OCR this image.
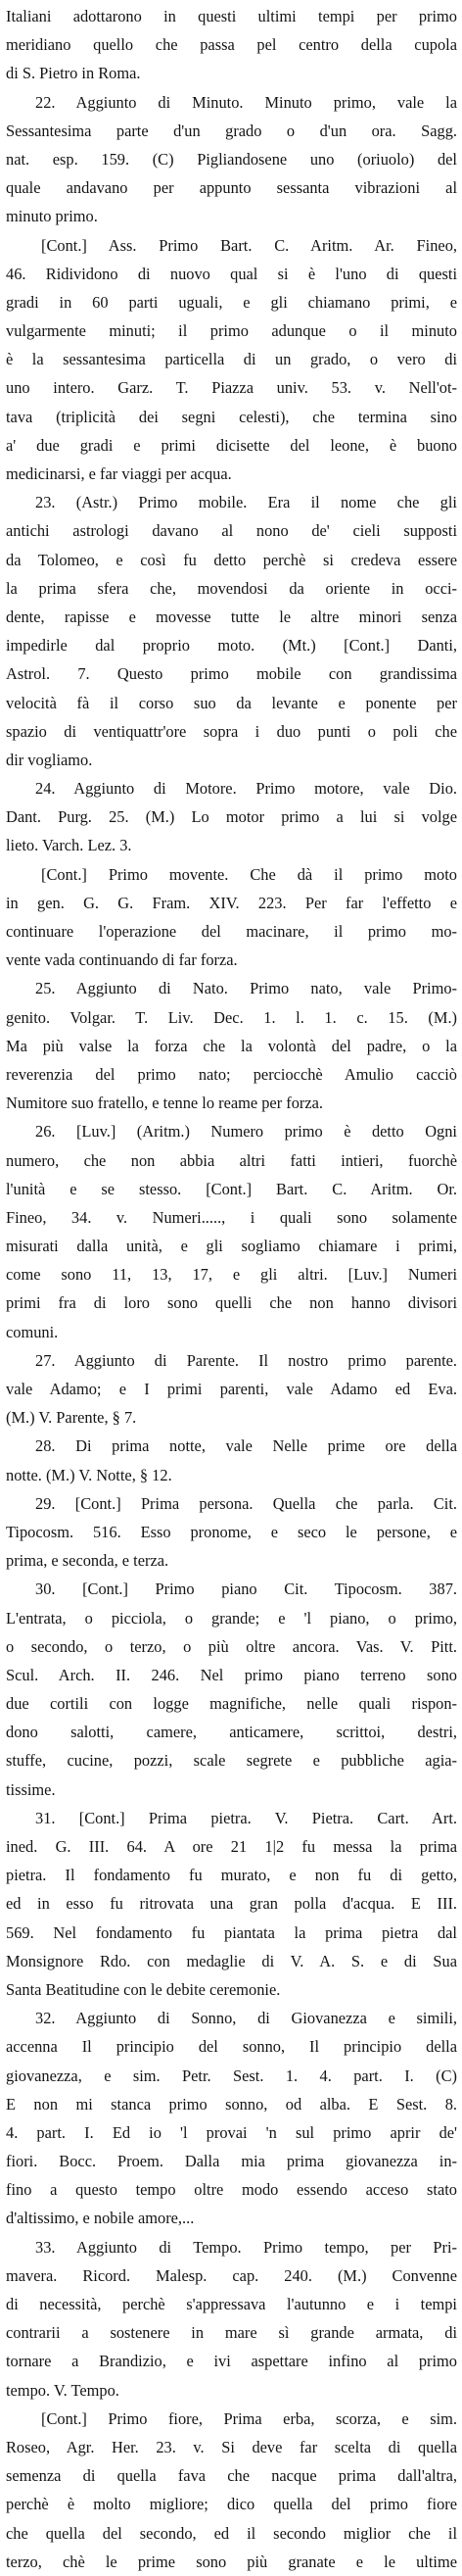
Italiani adottarono in questi ultimi tempi per primo
meridiano quello che passa pel centro della cupola
di S. Pietro in Roma.
22. Aggiunto di Minuto. Minuto primo, vale la
Sessantesima parte d'un grado o d'un ora. Sagg.
nat. esp. 159. (C) Pigliandosene uno (oriuolo) del
quale andavano per appunto sessanta vibrazioni al
minuto primo.
[Cont.] Ass. Primo Bart. C. Aritm. Ar. Fineo,
46. Ridividono di nuovo qual si è l'uno di questi
gradi in 60 parti uguali, e gli chiamano primi, e
vulgarmente minuti; il primo adunque o il minuto
è la sessantesima particella di un grado, o vero di
uno intero. Garz. T. Piazza univ. 53. v. Nell'ot-
tava (triplicità dei segni celesti), che termina sino
a' due gradi e primi dicisette del leone, è buono
medicinarsi, e far viaggi per acqua.
23. (Astr.) Primo mobile. Era il nome che gli
antichi astrologi davano al nono de' cieli supposti
da Tolomeo, e così fu detto perchè si credeva essere
la prima sfera che, movendosi da oriente in occi-
dente, rapisse e movesse tutte le altre minori senza
impedirle dal proprio moto. (Mt.) [Cont.] Danti,
Astrol. 7. Questo primo mobile con grandissima
velocità fà il corso suo da levante e ponente per
spazio di ventiquattr'ore sopra i duo punti o poli che
dir vogliamo.
24. Aggiunto di Motore. Primo motore, vale Dio.
Dant. Purg. 25. (M.) Lo motor primo a lui si volge
lieto. Varch. Lez. 3.
[Cont.] Primo movente. Che dà il primo moto
in gen. G. G. Fram. XIV. 223. Per far l'effetto e
continuare l'operazione del macinare, il primo mo-
vente vada continuando di far forza.
25. Aggiunto di Nato. Primo nato, vale Primo-
genito. Volgar. T. Liv. Dec. 1. l. 1. c. 15. (M.)
Ma più valse la forza che la volontà del padre, o la
reverenzia del primo nato; perciocchè Amulio cacciò
Numitore suo fratello, e tenne lo reame per forza.
26. [Luv.] (Aritm.) Numero primo è detto Ogni
numero, che non abbia altri fatti intieri, fuorchè
l'unità e se stesso. [Cont.] Bart. C. Aritm. Or.
Fineo, 34. v. Numeri....., i quali sono solamente
misurati dalla unità, e gli sogliamo chiamare i primi,
come sono 11, 13, 17, e gli altri. [Luv.] Numeri
primi fra di loro sono quelli che non hanno divisori
comuni.
27. Aggiunto di Parente. Il nostro primo parente.
vale Adamo; e I primi parenti, vale Adamo ed Eva.
(M.) V. Parente, § 7.
28. Di prima notte, vale Nelle prime ore della
notte. (M.) V. Notte, § 12.
29. [Cont.] Prima persona. Quella che parla. Cit.
Tipocosm. 516. Esso pronome, e seco le persone, e
prima, e seconda, e terza.
30. [Cont.] Primo piano Cit. Tipocosm. 387.
L'entrata, o picciola, o grande; e 'l piano, o primo,
o secondo, o terzo, o più oltre ancora. Vas. V. Pitt.
Scul. Arch. II. 246. Nel primo piano terreno sono
due cortili con logge magnifiche, nelle quali rispon-
dono salotti, camere, anticamere, scrittoi, destri,
stuffe, cucine, pozzi, scale segrete e pubbliche agia-
tissime.
31. [Cont.] Prima pietra. V. Pietra. Cart. Art.
ined. G. III. 64. A ore 21 1|2 fu messa la prima
pietra. Il fondamento fu murato, e non fu di getto,
ed in esso fu ritrovata una gran polla d'acqua. E III.
569. Nel fondamento fu piantata la prima pietra dal
Monsignore Rdo. con medaglie di V. A. S. e di Sua
Santa Beatitudine con le debite ceremonie.
32. Aggiunto di Sonno, di Giovanezza e simili,
accenna Il principio del sonno, Il principio della
giovanezza, e sim. Petr. Sest. 1. 4. part. I. (C)
E non mi stanca primo sonno, od alba. E Sest. 8.
4. part. I. Ed io 'l provai 'n sul primo aprir de'
fiori. Bocc. Proem. Dalla mia prima giovanezza in-
fino a questo tempo oltre modo essendo acceso stato
d'altissimo, e nobile amore,...
33. Aggiunto di Tempo. Primo tempo, per Pri-
mavera. Ricord. Malesp. cap. 240. (M.) Convenne
di necessità, perchè s'appressava l'autunno e i tempi
contrarii a sostenere in mare sì grande armata, di
tornare a Brandizio, e ivi aspettare infino al primo
tempo. V. Tempo.
[Cont.] Primo fiore, Prima erba, scorza, e sim.
Roseo, Agr. Her. 23. v. Si deve far scelta di quella
semenza di quella fava che nacque prima dall'altra,
perchè è molto migliore; dico quella del primo fiore
che quella del secondo, ed il secondo miglior che il
terzo, chè le prime sono più granate e le ultime
